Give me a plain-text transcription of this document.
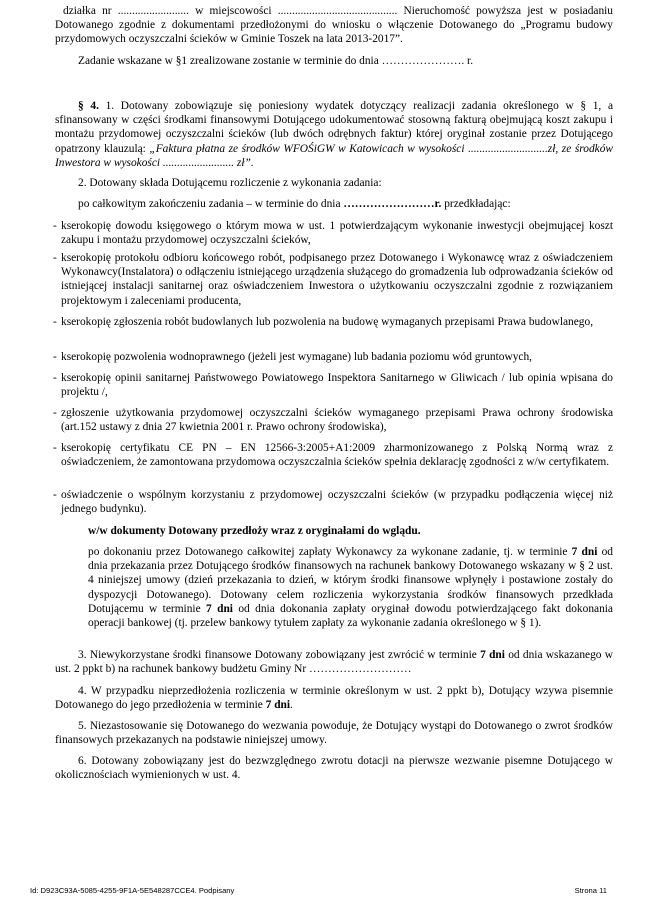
działka nr ......................... w miejscowości .......................................... Nieruchomość powyższa jest w posiadaniu Dotowanego zgodnie z dokumentami przedłożonymi do wniosku o włączenie Dotowanego do „Programu budowy przydomowych oczyszczalni ścieków w Gminie Toszek na lata 2013-2017”.

Zadanie wskazane w §1 zrealizowane zostanie w terminie do dnia …………………. r.

§ 4. 1. Dotowany zobowiązuje się poniesiony wydatek dotyczący realizacji zadania określonego w § 1, a sfinansowany w części środkami finansowymi Dotującego udokumentować stosowną fakturą obejmującą koszt zakupu i montażu przydomowej oczyszczalni ścieków (lub dwóch odrębnych faktur) której oryginał zostanie przez Dotującego opatrzony klauzulą: „Faktura płatna ze środków WFOŚiGW w Katowicach w wysokości ............................zł, ze środków Inwestora w wysokości ......................... zł”.

2. Dotowany składa Dotującemu rozliczenie z wykonania zadania:

po całkowitym zakończeniu zadania – w terminie do dnia ……………………r. przedkładając:

- kserokopię dowodu księgowego o którym mowa w ust. 1 potwierdzającym wykonanie inwestycji obejmującej koszt zakupu i montażu przydomowej oczyszczalni ścieków,
- kserokopię protokołu odbioru końcowego robót, podpisanego przez Dotowanego i Wykonawcę wraz z oświadczeniem Wykonawcy(Instalatora) o odłączeniu istniejącego urządzenia służącego do gromadzenia lub odprowadzania ścieków od istniejącej instalacji sanitarnej oraz oświadczeniem Inwestora o użytkowaniu oczyszczalni zgodnie z rozwiązaniem projektowym i zaleceniami producenta,
- kserokopię zgłoszenia robót budowlanych lub pozwolenia na budowę wymaganych przepisami Prawa budowlanego,
- kserokopię pozwolenia wodnoprawnego (jeżeli jest wymagane) lub badania poziomu wód gruntowych,
- kserokopię opinii sanitarnej Państwowego Powiatowego Inspektora Sanitarnego w Gliwicach / lub opinia wpisana do projektu /,
- zgłoszenie użytkowania przydomowej oczyszczalni ścieków wymaganego przepisami Prawa ochrony środowiska (art.152 ustawy z dnia 27 kwietnia 2001 r. Prawo ochrony środowiska),
- kserokopię certyfikatu CE PN – EN 12566-3:2005+A1:2009 zharmonizowanego z Polską Normą wraz z oświadczeniem, że zamontowana przydomowa oczyszczalnia ścieków spełnia deklarację zgodności z w/w certyfikatem.
- oświadczenie o wspólnym korzystaniu z przydomowej oczyszczalni ścieków (w przypadku podłączenia więcej niż jednego budynku).

w/w dokumenty Dotowany przedłoży wraz z oryginałami do wglądu.

po dokonaniu przez Dotowanego całkowitej zapłaty Wykonawcy za wykonane zadanie, tj. w terminie 7 dni od dnia przekazania przez Dotującego środków finansowych na rachunek bankowy Dotowanego wskazany w § 2 ust. 4 niniejszej umowy (dzień przekazania to dzień, w którym środki finansowe wpłynęły i postawione zostały do dyspozycji Dotowanego). Dotowany celem rozliczenia wykorzystania środków finansowych przedkłada Dotującemu w terminie 7 dni od dnia dokonania zapłaty oryginał dowodu potwierdzającego fakt dokonania operacji bankowej (tj. przelew bankowy tytułem zapłaty za wykonanie zadania określonego w § 1).

3. Niewykorzystane środki finansowe Dotowany zobowiązany jest zwrócić w terminie 7 dni od dnia wskazanego w ust. 2 ppkt b) na rachunek bankowy budżetu Gminy Nr ………………………

4. W przypadku nieprzedłożenia rozliczenia w terminie określonym w ust. 2 ppkt b), Dotujący wzywa pisemnie Dotowanego do jego przedłożenia w terminie 7 dni.

5. Niezastosowanie się Dotowanego do wezwania powoduje, że Dotujący wystąpi do Dotowanego o zwrot środków finansowych przekazanych na podstawie niniejszej umowy.

6. Dotowany zobowiązany jest do bezwzględnego zwrotu dotacji na pierwsze wezwanie pisemne Dotującego w okolicznościach wymienionych w ust. 4.

Id: D923C93A-5085-4255-9F1A-5E548287CCE4. Podpisany	Strona 11
